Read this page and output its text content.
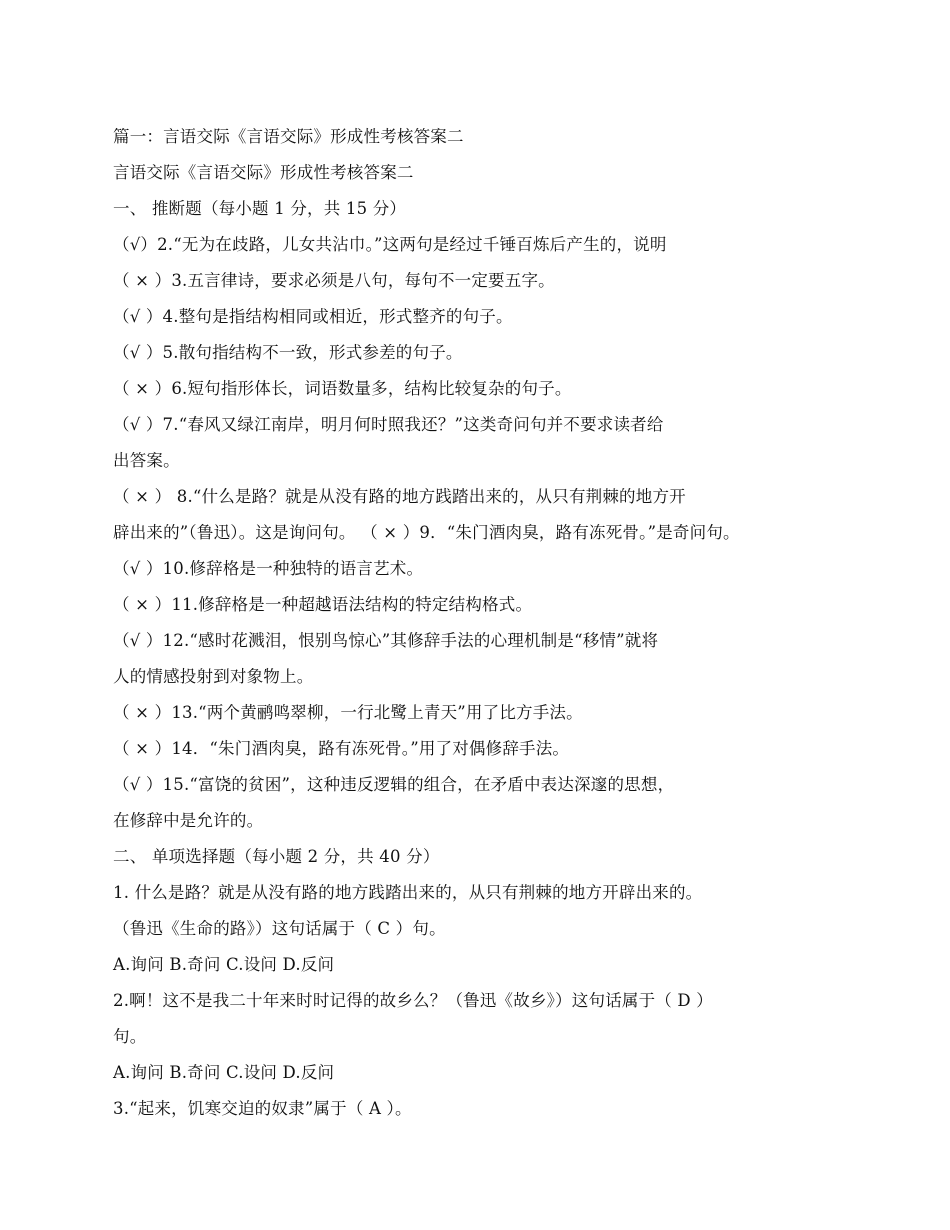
篇一：言语交际《言语交际》形成性考核答案二
言语交际《言语交际》形成性考核答案二
一、 推断题（每小题 1 分，共 15 分）
（√）2.“无为在歧路，儿女共沾巾。”这两句是经过千锤百炼后产生的，说明
（ × ）3.五言律诗，要求必须是八句，每句不一定要五字。
（√ ）4.整句是指结构相同或相近，形式整齐的句子。
（√ ）5.散句指结构不一致，形式参差的句子。
（ × ）6.短句指形体长，词语数量多，结构比较复杂的句子。
（√ ）7.“春风又绿江南岸，明月何时照我还？”这类奇问句并不要求读者给
出答案。
（ × ） 8.“什么是路？就是从没有路的地方践踏出来的，从只有荆棘的地方开
辟出来的”（鲁迅）。这是询问句。 （ × ）9．“朱门酒肉臭，路有冻死骨。”是奇问句。
（√ ）10.修辞格是一种独特的语言艺术。
（ × ）11.修辞格是一种超越语法结构的特定结构格式。
（√ ）12.“感时花溅泪，恨别鸟惊心”其修辞手法的心理机制是“移情”就将
人的情感投射到对象物上。
（ × ）13.“两个黄鹂鸣翠柳，一行北鹭上青天”用了比方手法。
（ × ）14．“朱门酒肉臭，路有冻死骨。”用了对偶修辞手法。
（√ ）15.“富饶的贫困”，这种违反逻辑的组合，在矛盾中表达深邃的思想，
在修辞中是允许的。
二、 单项选择题（每小题 2 分，共 40 分）
1. 什么是路？就是从没有路的地方践踏出来的，从只有荆棘的地方开辟出来的。
（鲁迅《生命的路》）这句话属于（ C ）句。
A.询问 B.奇问 C.设问 D.反问
2.啊！这不是我二十年来时时记得的故乡么？（鲁迅《故乡》）这句话属于（ D ）
句。
A.询问 B.奇问 C.设问 D.反问
3.“起来，饥寒交迫的奴隶”属于（ A ）。
